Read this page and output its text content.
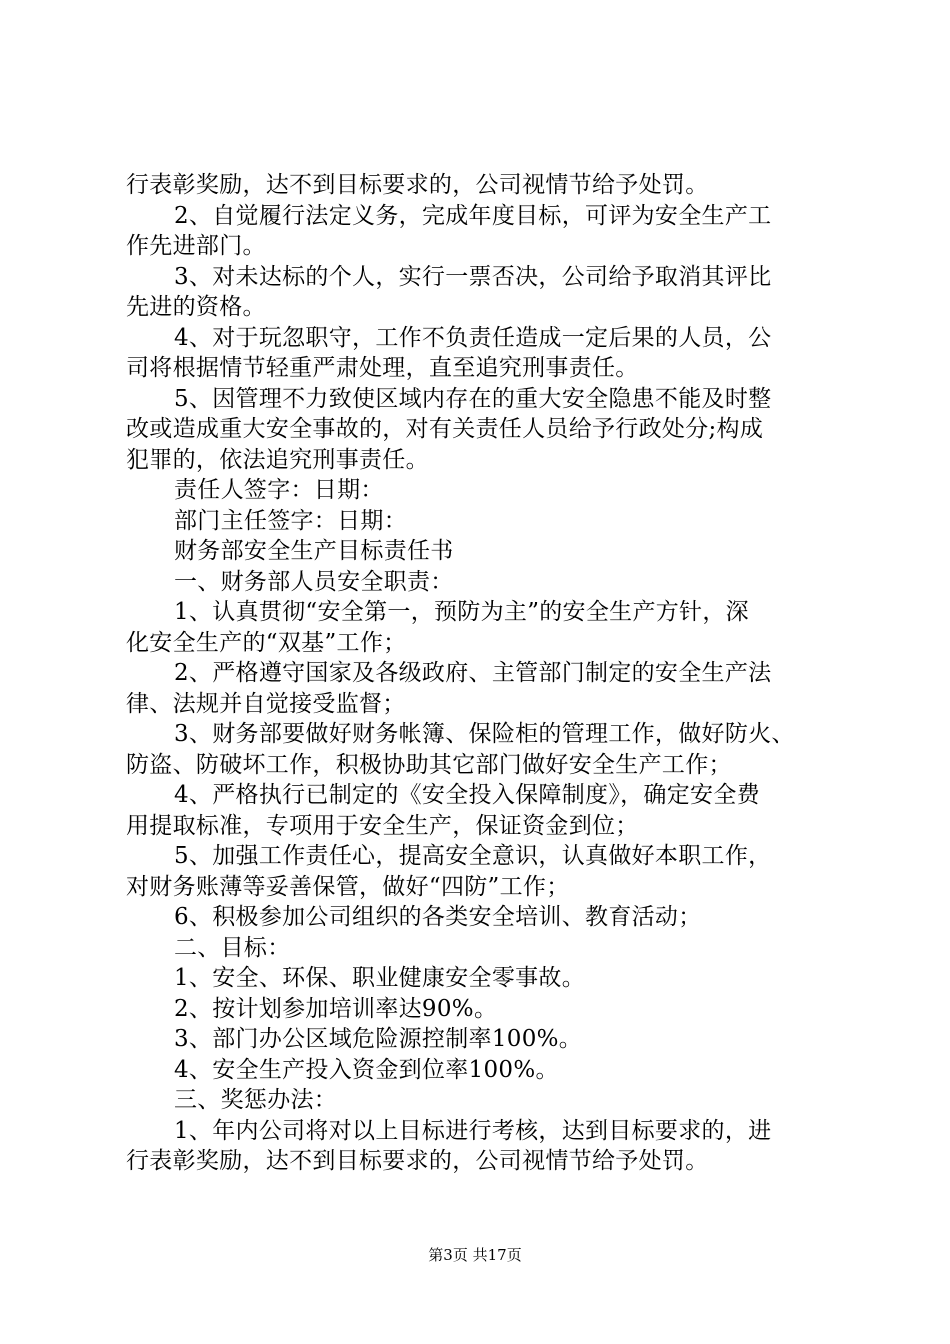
行表彰奖励，达不到目标要求的，公司视情节给予处罚。
2、自觉履行法定义务，完成年度目标，可评为安全生产工
作先进部门。
3、对未达标的个人，实行一票否决，公司给予取消其评比
先进的资格。
4、对于玩忽职守，工作不负责任造成一定后果的人员，公
司将根据情节轻重严肃处理，直至追究刑事责任。
5、因管理不力致使区域内存在的重大安全隐患不能及时整
改或造成重大安全事故的，对有关责任人员给予行政处分;构成
犯罪的，依法追究刑事责任。
责任人签字：日期：
部门主任签字：日期：
财务部安全生产目标责任书
一、财务部人员安全职责：
1、认真贯彻“安全第一，预防为主”的安全生产方针，深
化安全生产的“双基”工作；
2、严格遵守国家及各级政府、主管部门制定的安全生产法
律、法规并自觉接受监督；
3、财务部要做好财务帐簿、保险柜的管理工作，做好防火、
防盗、防破坏工作，积极协助其它部门做好安全生产工作；
4、严格执行已制定的《安全投入保障制度》，确定安全费
用提取标准，专项用于安全生产，保证资金到位；
5、加强工作责任心，提高安全意识，认真做好本职工作，
对财务账薄等妥善保管，做好“四防”工作；
6、积极参加公司组织的各类安全培训、教育活动；
二、目标：
1、安全、环保、职业健康安全零事故。
2、按计划参加培训率达90%。
3、部门办公区域危险源控制率100%。
4、安全生产投入资金到位率100%。
三、奖惩办法：
1、年内公司将对以上目标进行考核，达到目标要求的，进
行表彰奖励，达不到目标要求的，公司视情节给予处罚。
第3页 共17页
